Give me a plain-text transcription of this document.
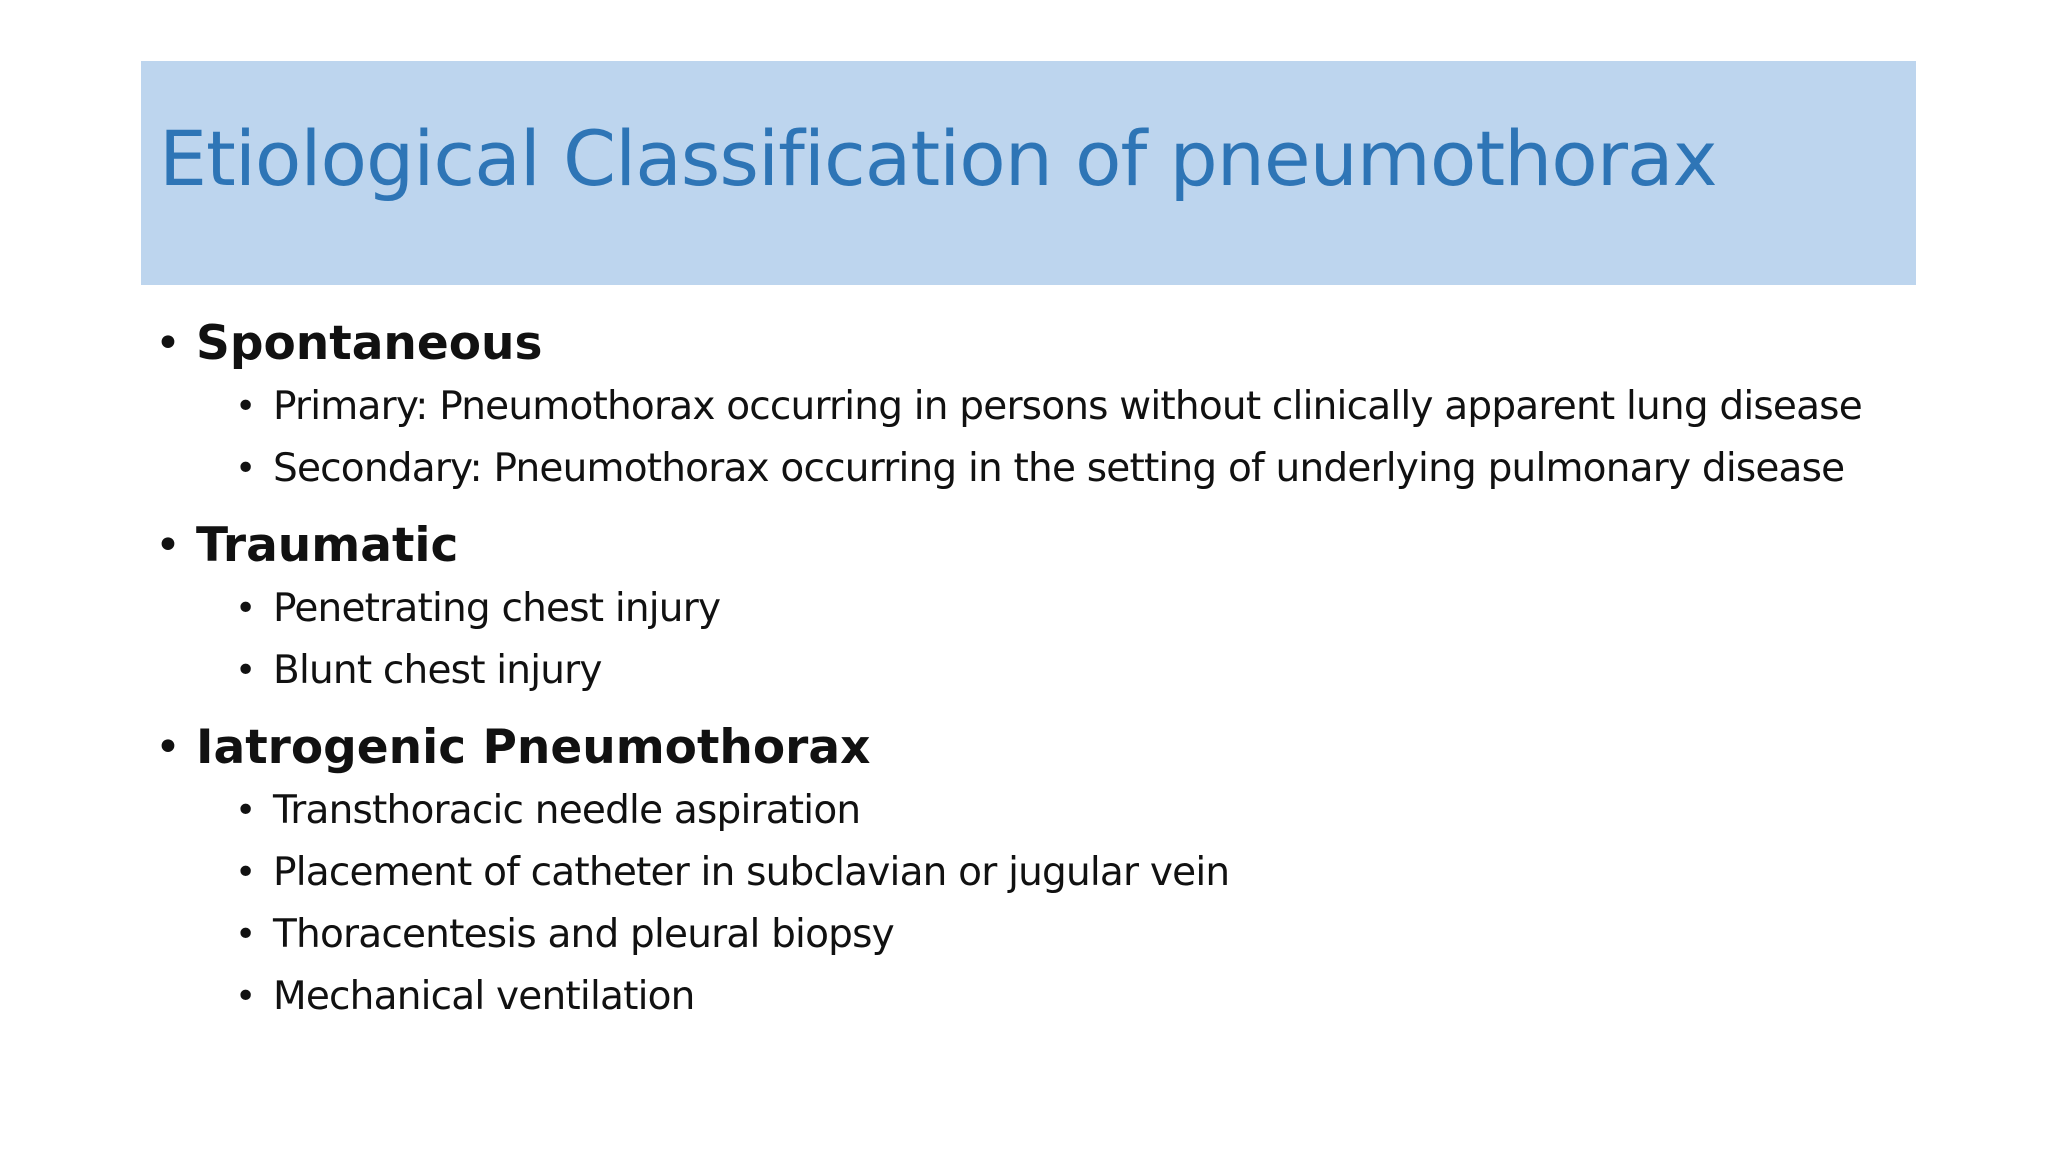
Etiological Classification of pneumothorax
• Spontaneous
• Primary: Pneumothorax occurring in persons without clinically apparent lung disease
• Secondary: Pneumothorax occurring in the setting of underlying pulmonary disease
• Traumatic
• Penetrating chest injury
• Blunt chest injury
• Iatrogenic Pneumothorax
• Transthoracic needle aspiration
• Placement of catheter in subclavian or jugular vein
• Thoracentesis and pleural biopsy
• Mechanical ventilation
